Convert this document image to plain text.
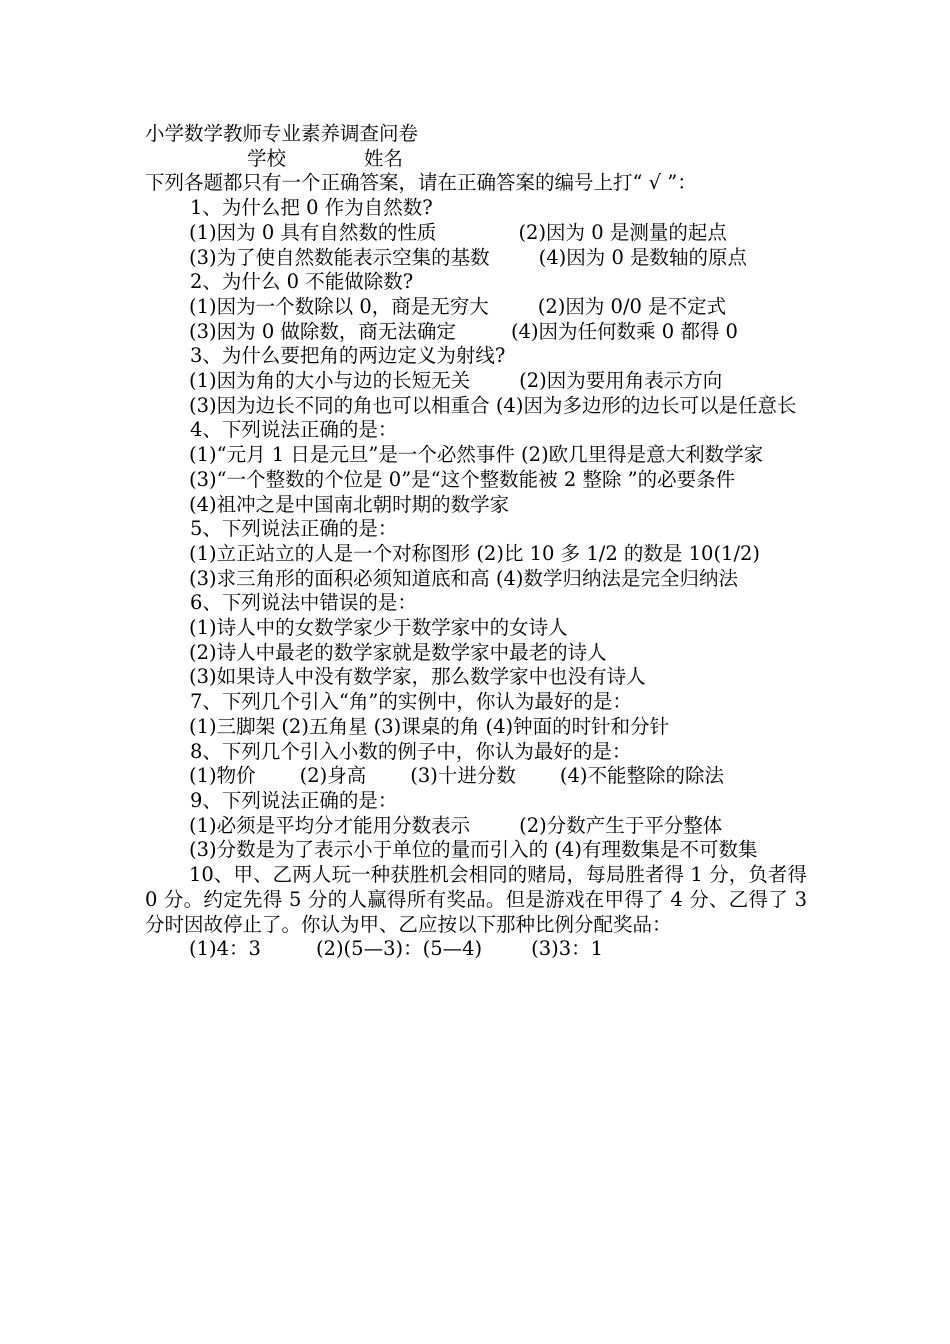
小学数学教师专业素养调查问卷
学校	姓名
下列各题都只有一个正确答案，请在正确答案的编号上打“ √ ”：
1、为什么把 0 作为自然数?
(1)因为 0 具有自然数的性质	(2)因为 0 是测量的起点
(3)为了使自然数能表示空集的基数	(4)因为 0 是数轴的原点
2、为什么 0 不能做除数?
(1)因为一个数除以 0，商是无穷大	(2)因为 0/0 是不定式
(3)因为 0 做除数，商无法确定	(4)因为任何数乘 0 都得 0
3、为什么要把角的两边定义为射线?
(1)因为角的大小与边的长短无关	(2)因为要用角表示方向
(3)因为边长不同的角也可以相重合 (4)因为多边形的边长可以是任意长
4、下列说法正确的是：
(1)“元月 1 日是元旦”是一个必然事件 (2)欧几里得是意大利数学家
(3)“一个整数的个位是 0”是“这个整数能被 2 整除 ”的必要条件
(4)祖冲之是中国南北朝时期的数学家
5、下列说法正确的是：
(1)立正站立的人是一个对称图形 (2)比 10 多 1/2 的数是 10(1/2)
(3)求三角形的面积必须知道底和高 (4)数学归纳法是完全归纳法
6、下列说法中错误的是：
(1)诗人中的女数学家少于数学家中的女诗人
(2)诗人中最老的数学家就是数学家中最老的诗人
(3)如果诗人中没有数学家，那么数学家中也没有诗人
7、下列几个引入“角”的实例中，你认为最好的是：
(1)三脚架 (2)五角星 (3)课桌的角 (4)钟面的时针和分针
8、下列几个引入小数的例子中，你认为最好的是：
(1)物价 (2)身高 (3)十进分数 (4)不能整除的除法
9、下列说法正确的是：
(1)必须是平均分才能用分数表示	(2)分数产生于平分整体
(3)分数是为了表示小于单位的量而引入的 (4)有理数集是不可数集
10、甲、乙两人玩一种获胜机会相同的赌局，每局胜者得 1 分，负者得 0 分。约定先得 5 分的人赢得所有奖品。但是游戏在甲得了 4 分、乙得了 3 分时因故停止了。你认为甲、乙应按以下那种比例分配奖品：
(1)4：3	(2)(5—3)：(5—4)	(3)3：1
